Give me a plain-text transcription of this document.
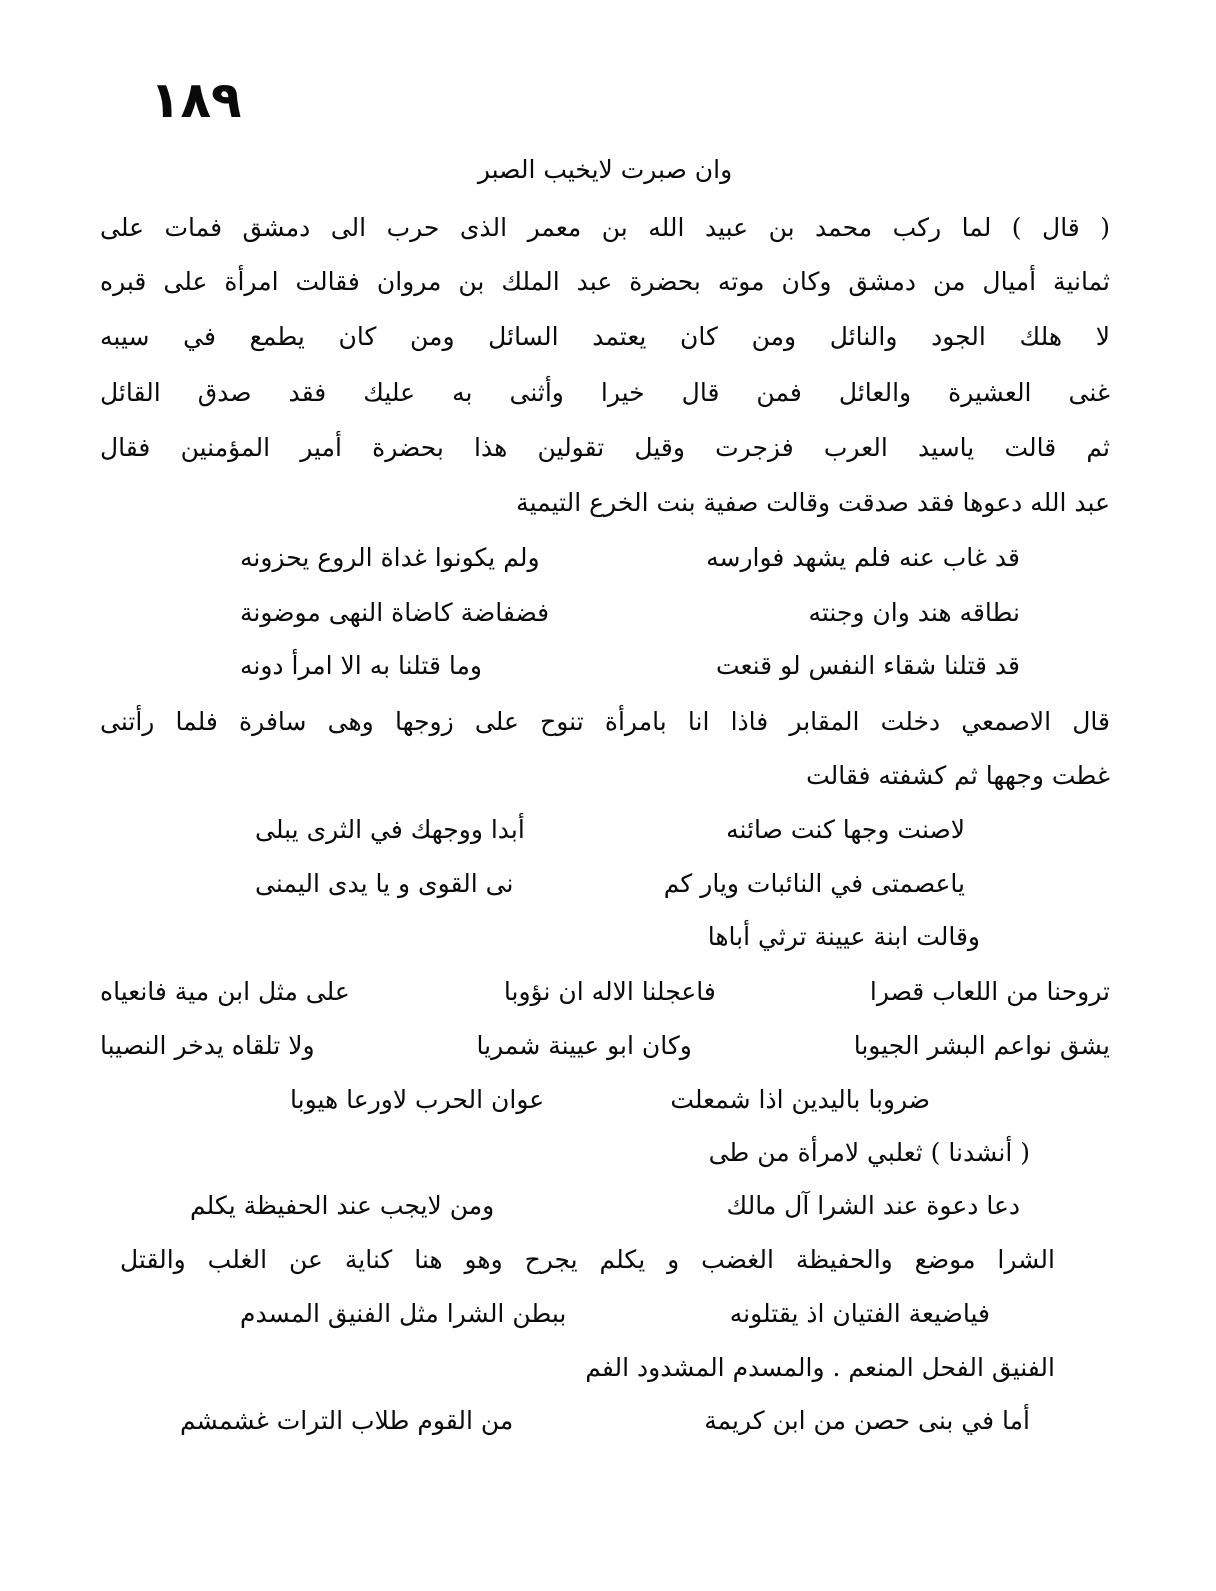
١٨٩

وان صبرت لايخيب الصبر

( قال ) لما ركب محمد بن عبيد الله بن معمر الذى حرب الى دمشق فمات على

ثمانية أميال من دمشق وكان موته بحضرة عبد الملك بن مروان فقالت امرأة على قبره

لا هلك الجود والنائل ومن كان يعتمد السائل ومن كان يطمع في سيبه

غنى العشيرة والعائل فمن قال خيرا وأثنى به عليك فقد صدق القائل

ثم قالت ياسيد العرب فزجرت وقيل تقولين هذا بحضرة أمير المؤمنين فقال

عبد الله دعوها فقد صدقت وقالت صفية بنت الخرع التيمية

قد غاب عنه فلم يشهد فوارسه
ولم يكونوا غداة الروع يحزونه
نطاقه هند وان وجنته
فضفاضة كاضاة النهى موضونة
قد قتلنا شقاء النفس لو قنعت
وما قتلنا به الا امرأ دونه

قال الاصمعي دخلت المقابر فاذا انا بامرأة تنوح على زوجها وهى سافرة فلما رأتنى

غطت وجهها ثم كشفته فقالت

لاصنت وجها كنت صائنه
أبدا ووجهك في الثرى يبلى
ياعصمتى في النائبات ويار كم
نى القوى و يا يدى اليمنى

وقالت ابنة عيينة ترثي أباها

تروحنا من اللعاب قصرا
فاعجلنا الاله ان نؤوبا
على مثل ابن مية فانعياه
يشق نواعم البشر الجيوبا
وكان ابو عيينة شمريا
ولا تلقاه يدخر النصيبا
ضروبا باليدين اذا شمعلت
عوان الحرب لاورعا هيوبا

( أنشدنا ) ثعلبي لامرأة من طى

دعا دعوة عند الشرا آل مالك
ومن لايجب عند الحفيظة يكلم

الشرا موضع والحفيظة الغضب و يكلم يجرح وهو هنا كناية عن الغلب والقتل

فياضيعة الفتيان اذ يقتلونه
ببطن الشرا مثل الفنيق المسدم

الفنيق الفحل المنعم . والمسدم المشدود الفم

أما في بنى حصن من ابن كريمة
من القوم طلاب الترات غشمشم
